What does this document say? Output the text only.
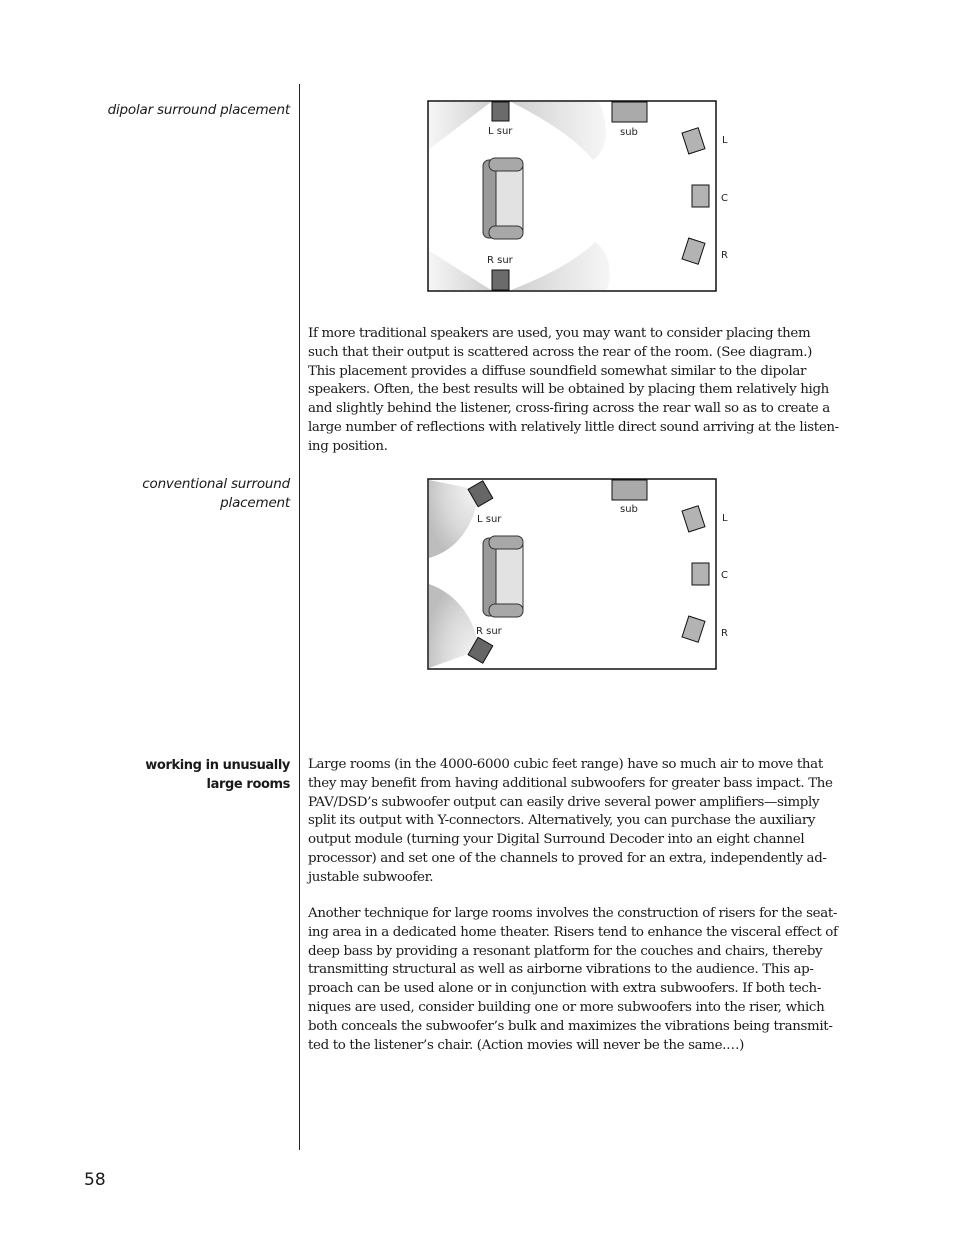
dipolar surround placement
conventional surround
placement
working in unusually
large rooms
L sur
R sur
sub
L
C
R

If more traditional speakers are used, you may want to consider placing them
such that their output is scattered across the rear of the room. (See diagram.)
This placement provides a diffuse soundfield somewhat similar to the dipolar
speakers. Often, the best results will be obtained by placing them relatively high
and slightly behind the listener, cross-firing across the rear wall so as to create a
large number of reflections with relatively little direct sound arriving at the listen-
ing position.

L sur
R sur
sub
L
C
R

Large rooms (in the 4000-6000 cubic feet range) have so much air to move that
they may benefit from having additional subwoofers for greater bass impact. The
PAV/DSD’s subwoofer output can easily drive several power amplifiers—simply
split its output with Y-connectors. Alternatively, you can purchase the auxiliary
output module (turning your Digital Surround Decoder into an eight channel
processor) and set one of the channels to proved for an extra, independently ad-
justable subwoofer.

Another technique for large rooms involves the construction of risers for the seat-
ing area in a dedicated home theater. Risers tend to enhance the visceral effect of
deep bass by providing a resonant platform for the couches and chairs, thereby
transmitting structural as well as airborne vibrations to the audience. This ap-
proach can be used alone or in conjunction with extra subwoofers. If both tech-
niques are used, consider building one or more subwoofers into the riser, which
both conceals the subwoofer’s bulk and maximizes the vibrations being transmit-
ted to the listener’s chair. (Action movies will never be the same.…)

58
